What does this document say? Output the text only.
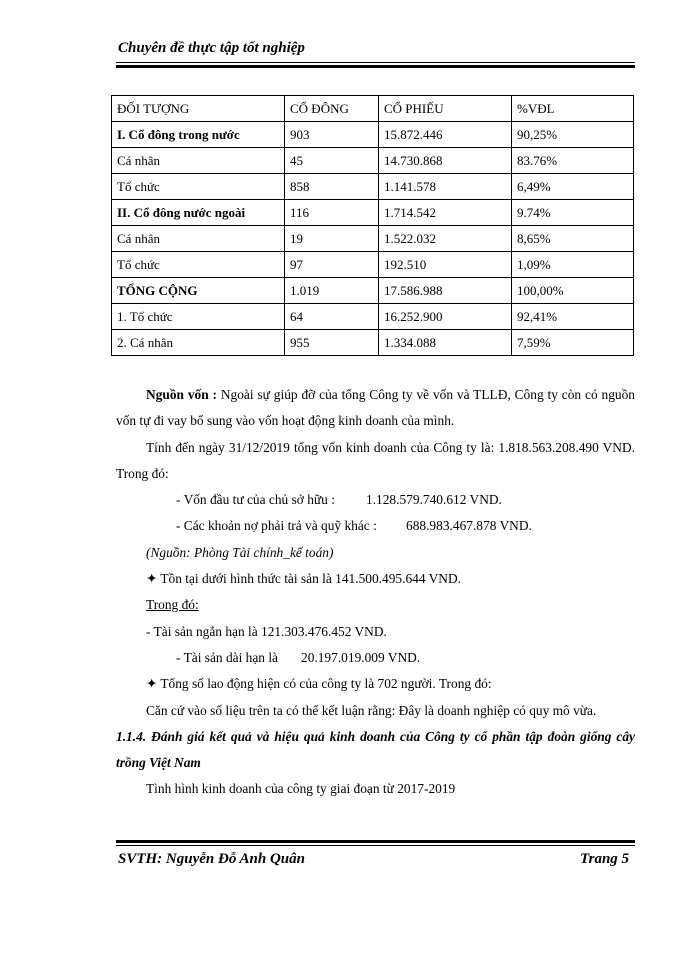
Chuyên đề thực tập tốt nghiệp
ĐỐI TƯỢNG	CỔ ĐÔNG	CỔ PHIẾU	%VĐL
I. Cổ đông trong nước	903	15.872.446	90,25%
Cá nhân	45	14.730.868	83.76%
Tổ chức	858	1.141.578	6,49%
II. Cổ đông nước ngoài	116	1.714.542	9.74%
Cá nhân	19	1.522.032	8,65%
Tổ chức	97	192.510	1,09%
TỔNG CỘNG	1.019	17.586.988	100,00%
1. Tổ chức	64	16.252.900	92,41%
2. Cá nhân	955	1.334.088	7,59%

Nguồn vốn : Ngoài sự giúp đỡ của tổng Công ty về vốn và TLLĐ, Công ty còn có nguồn vốn tự đi vay bổ sung vào vốn hoạt động kinh doanh của mình.

Tính đến ngày 31/12/2019 tổng vốn kinh doanh của Công ty là: 1.818.563.208.490 VND. Trong đó:

- Vốn đầu tư của chủ sở hữu : 1.128.579.740.612 VND.

- Các khoản nợ phải trả và quỹ khác : 688.983.467.878 VND.

(Nguồn: Phòng Tài chính_kế toán)

✦ Tồn tại dưới hình thức tài sản là 141.500.495.644 VND.

Trong đó:

- Tài sản ngắn hạn là 121.303.476.452 VND.

- Tài sản dài hạn là 20.197.019.009 VND.

✦ Tổng số lao động hiện có của công ty là 702 người. Trong đó:

Căn cứ vào số liệu trên ta có thể kết luận rằng: Đây là doanh nghiệp có quy mô vừa.

1.1.4. Đánh giá kết quả và hiệu quả kinh doanh của Công ty cổ phần tập đoàn giống cây trồng Việt Nam

Tình hình kinh doanh của công ty giai đoạn từ 2017-2019

SVTH: Nguyễn Đỗ Anh Quân	Trang 5
